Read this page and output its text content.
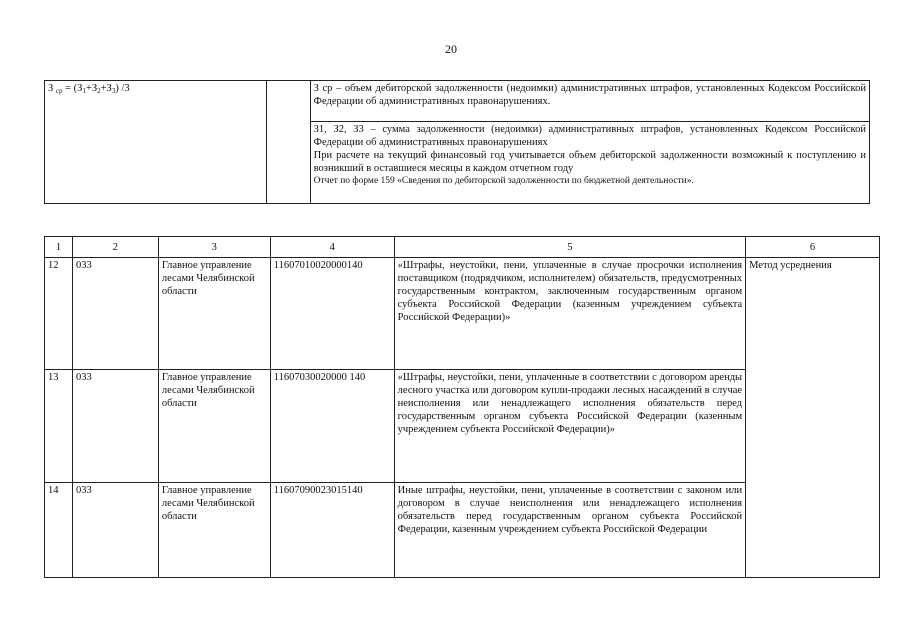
20
З $_{ср} = (З_1+З_2+З_3)$ /3		З ср – объем дебиторской задолженности (недоимки) административных штрафов, установленных Кодексом Российской Федерации об административных правонарушениях.

З1, З2, З3 – сумма задолженности (недоимки) административных штрафов, установленных Кодексом Российской Федерации об административных правонарушениях
При расчете на текущий финансовый год учитывается объем дебиторской задолженности возможный к поступлению и возникший в оставшиеся месяцы в каждом отчетном году
Отчет по форме 159 «Сведения по дебиторской задолженности по бюджетной деятельности».
1	2	3	4	5	6
12	033	Главное управление лесами Челябинской области	11607010020000140	«Штрафы, неустойки, пени, уплаченные в случае просрочки исполнения поставщиком (подрядчиком, исполнителем) обязательств, предусмотренных государственным контрактом, заключенным государственным органом субъекта Российской Федерации (казенным учреждением субъекта Российской Федерации)»	Метод усреднения
13	033	Главное управление лесами Челябинской области	11607030020000 140	«Штрафы, неустойки, пени, уплаченные в соответствии с договором аренды лесного участка или договором купли-продажи лесных насаждений в случае неисполнения или ненадлежащего исполнения обязательств перед государственным органом субъекта Российской Федерации (казенным учреждением субъекта Российской Федерации)»	
14	033	Главное управление лесами Челябинской области	11607090023015140	Иные штрафы, неустойки, пени, уплаченные в соответствии с законом или договором в случае неисполнения или ненадлежащего исполнения обязательств перед государственным органом субъекта Российской Федерации, казенным учреждением субъекта Российской Федерации	
